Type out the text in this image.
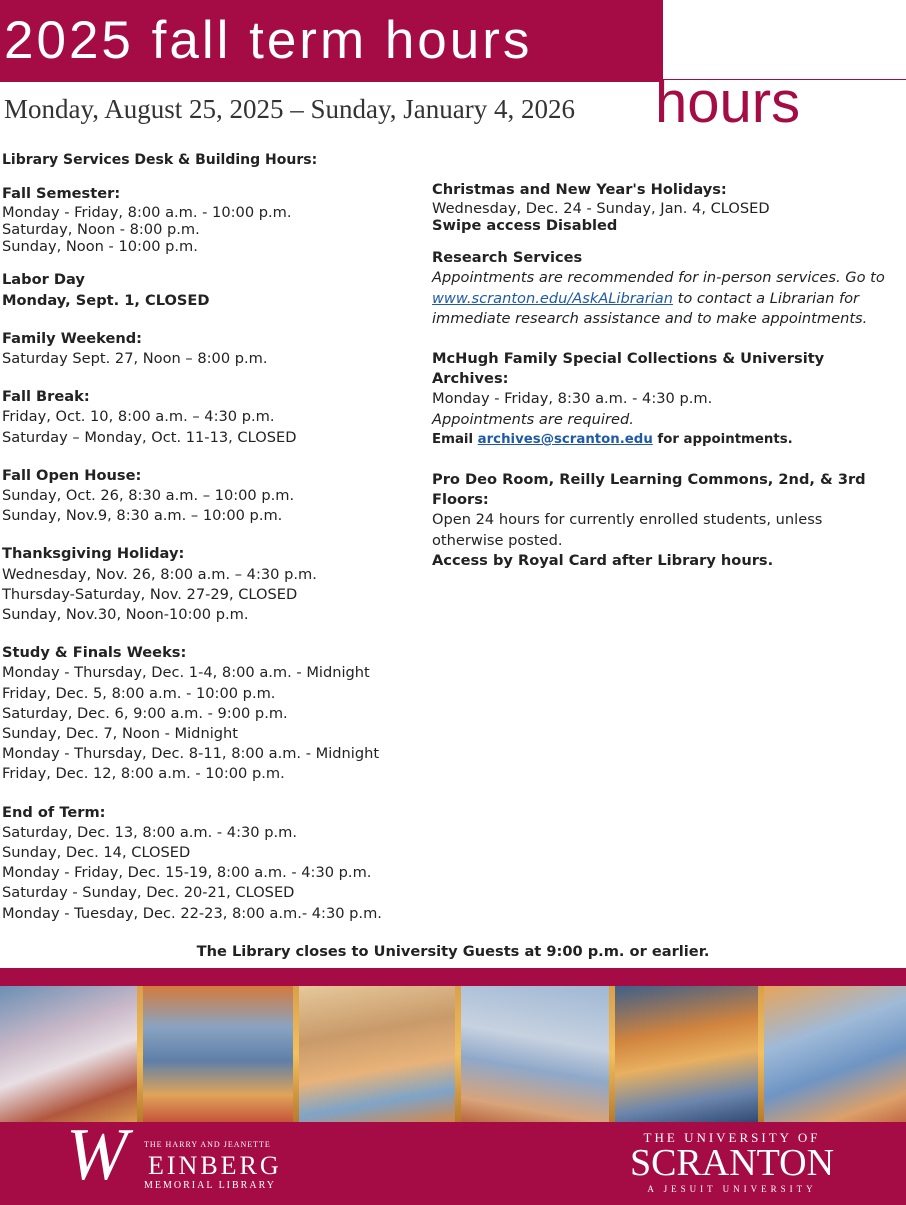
2025 fall term hours
hours
Monday, August 25, 2025 – Sunday, January 4, 2026
Library Services Desk & Building Hours:
Fall Semester:
Monday - Friday, 8:00 a.m. - 10:00 p.m.
Saturday, Noon - 8:00 p.m.
Sunday, Noon - 10:00 p.m.
Labor Day
Monday, Sept. 1, CLOSED
Family Weekend:
Saturday Sept. 27, Noon – 8:00 p.m.
Fall Break:
Friday, Oct. 10, 8:00 a.m. – 4:30 p.m.
Saturday – Monday, Oct. 11-13, CLOSED
Fall Open House:
Sunday, Oct. 26, 8:30 a.m. – 10:00 p.m.
Sunday, Nov.9, 8:30 a.m. – 10:00 p.m.
Thanksgiving Holiday:
Wednesday, Nov. 26, 8:00 a.m. – 4:30 p.m.
Thursday-Saturday, Nov. 27-29, CLOSED
Sunday, Nov.30, Noon-10:00 p.m.
Study & Finals Weeks:
Monday - Thursday, Dec. 1-4, 8:00 a.m. - Midnight
Friday, Dec. 5, 8:00 a.m. - 10:00 p.m.
Saturday, Dec. 6, 9:00 a.m. - 9:00 p.m.
Sunday, Dec. 7, Noon - Midnight
Monday - Thursday, Dec. 8-11, 8:00 a.m. - Midnight
Friday, Dec. 12, 8:00 a.m. - 10:00 p.m.
End of Term:
Saturday, Dec. 13, 8:00 a.m. - 4:30 p.m.
Sunday, Dec. 14, CLOSED
Monday - Friday, Dec. 15-19, 8:00 a.m. - 4:30 p.m.
Saturday - Sunday, Dec. 20-21, CLOSED
Monday - Tuesday, Dec. 22-23, 8:00 a.m.- 4:30 p.m.
Christmas and New Year's Holidays:
Wednesday, Dec. 24 - Sunday, Jan. 4, CLOSED
Swipe access Disabled
Research Services

Appointments are recommended for in-person services. Go to www.scranton.edu/AskALibrarian to contact a Librarian for immediate research assistance and to make appointments.

McHugh Family Special Collections & University Archives:
Monday - Friday, 8:30 a.m. - 4:30 p.m.
Appointments are required.

Email archives@scranton.edu for appointments.

Pro Deo Room, Reilly Learning Commons, 2nd, & 3rd Floors:

Open 24 hours for currently enrolled students, unless otherwise posted.

Access by Royal Card after Library hours.
The Library closes to University Guests at 9:00 p.m. or earlier.
W THE HARRY AND JEANETTE
EINBERG
MEMORIAL LIBRARY
THE UNIVERSITY OF
SCRANTON
A JESUIT UNIVERSITY
